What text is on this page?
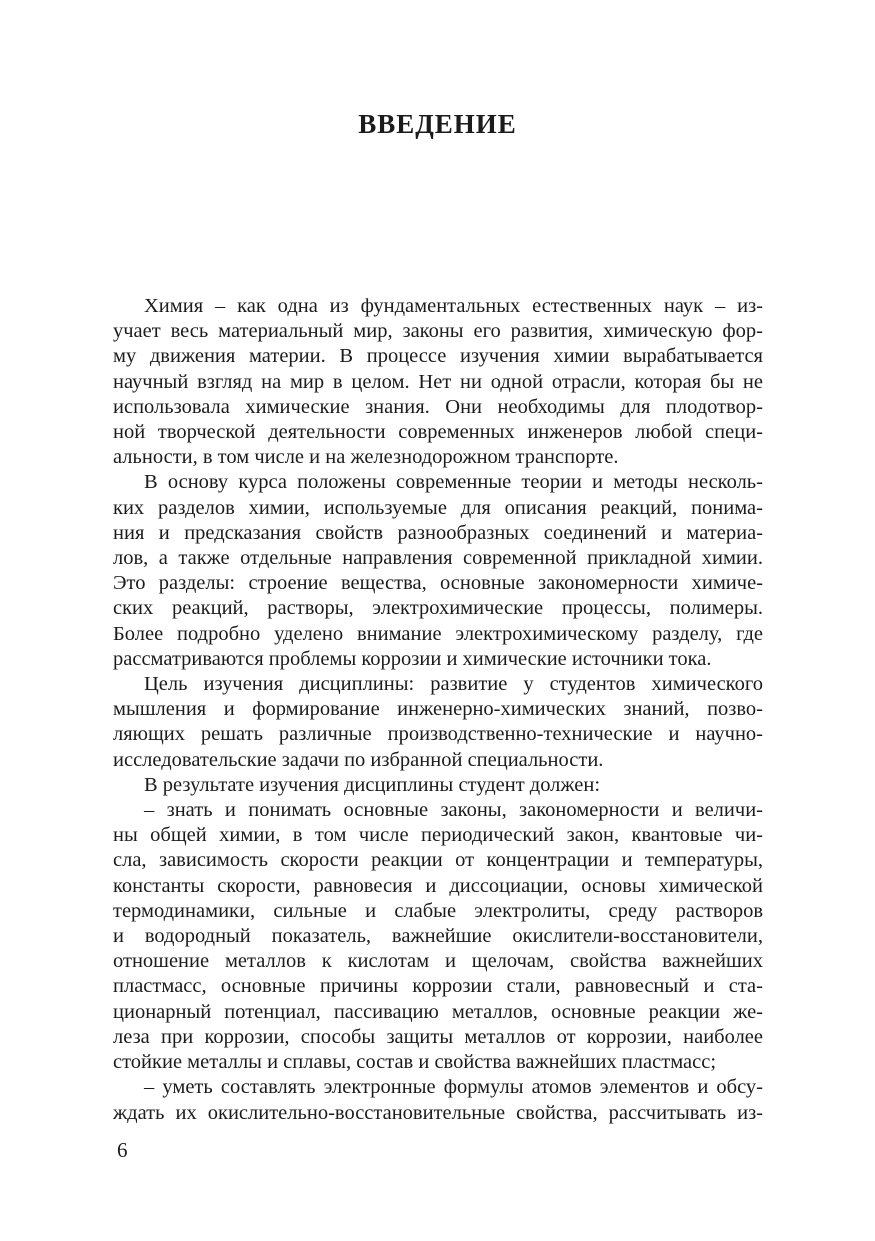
ВВЕДЕНИЕ
Химия – как одна из фундаментальных естественных наук – из-
учает весь материальный мир, законы его развития, химическую фор-
му движения материи. В процессе изучения химии вырабатывается
научный взгляд на мир в целом. Нет ни одной отрасли, которая бы не
использовала химические знания. Они необходимы для плодотвор-
ной творческой деятельности современных инженеров любой специ-
альности, в том числе и на железнодорожном транспорте.
В основу курса положены современные теории и методы несколь-
ких разделов химии, используемые для описания реакций, понима-
ния и предсказания свойств разнообразных соединений и материа-
лов, а также отдельные направления современной прикладной химии.
Это разделы: строение вещества, основные закономерности химиче-
ских реакций, растворы, электрохимические процессы, полимеры.
Более подробно уделено внимание электрохимическому разделу, где
рассматриваются проблемы коррозии и химические источники тока.
Цель изучения дисциплины: развитие у студентов химического
мышления и формирование инженерно-химических знаний, позво-
ляющих решать различные производственно-технические и научно-
исследовательские задачи по избранной специальности.
В результате изучения дисциплины студент должен:
– знать и понимать основные законы, закономерности и величи-
ны общей химии, в том числе периодический закон, квантовые чи-
сла, зависимость скорости реакции от концентрации и температуры,
константы скорости, равновесия и диссоциации, основы химической
термодинамики, сильные и слабые электролиты, среду растворов
и водородный показатель, важнейшие окислители-восстановители,
отношение металлов к кислотам и щелочам, свойства важнейших
пластмасс, основные причины коррозии стали, равновесный и ста-
ционарный потенциал, пассивацию металлов, основные реакции же-
леза при коррозии, способы защиты металлов от коррозии, наиболее
стойкие металлы и сплавы, состав и свойства важнейших пластмасс;
– уметь составлять электронные формулы атомов элементов и обсу-
ждать их окислительно-восстановительные свойства, рассчитывать из-
6
